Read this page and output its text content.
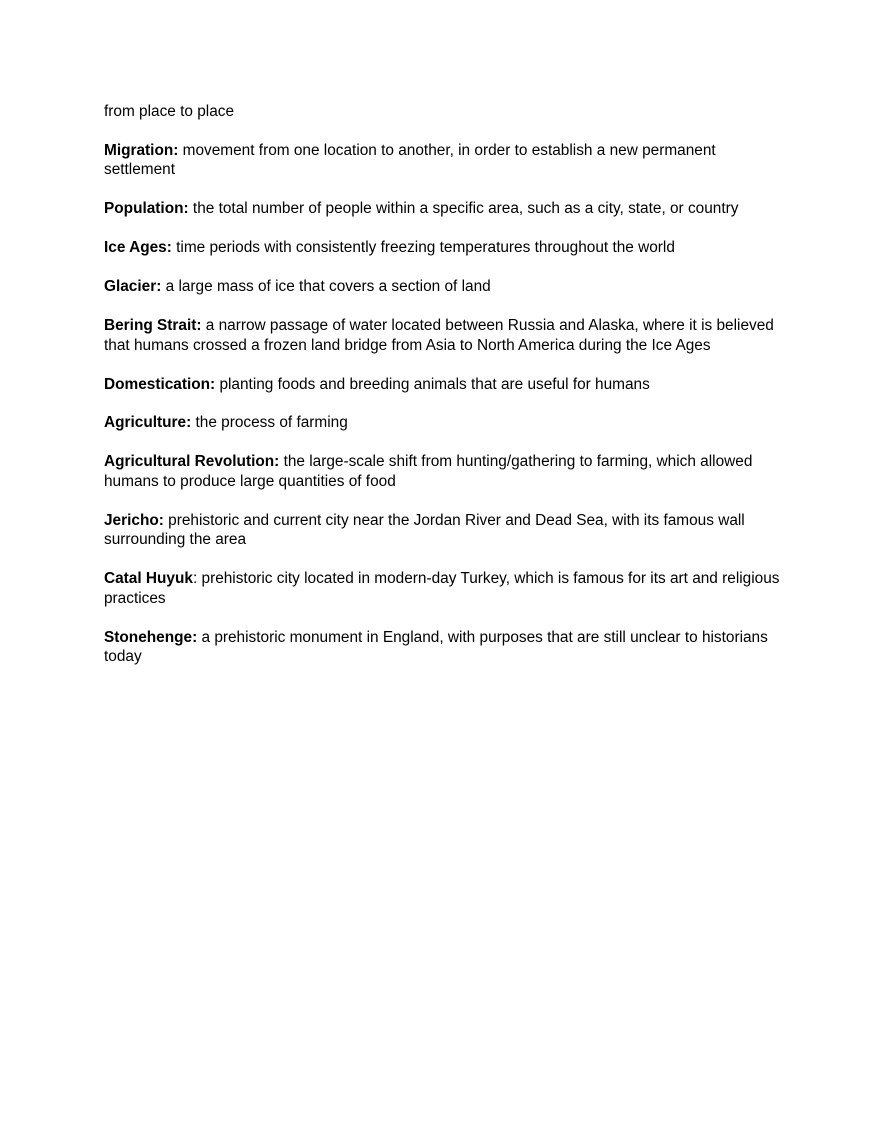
from place to place

Migration: movement from one location to another, in order to establish a new permanent settlement

Population: the total number of people within a specific area, such as a city, state, or country

Ice Ages: time periods with consistently freezing temperatures throughout the world

Glacier: a large mass of ice that covers a section of land

Bering Strait: a narrow passage of water located between Russia and Alaska, where it is believed that humans crossed a frozen land bridge from Asia to North America during the Ice Ages

Domestication: planting foods and breeding animals that are useful for humans

Agriculture: the process of farming

Agricultural Revolution: the large-scale shift from hunting/gathering to farming, which allowed humans to produce large quantities of food

Jericho: prehistoric and current city near the Jordan River and Dead Sea, with its famous wall surrounding the area

Catal Huyuk: prehistoric city located in modern-day Turkey, which is famous for its art and religious practices

Stonehenge: a prehistoric monument in England, with purposes that are still unclear to historians today
